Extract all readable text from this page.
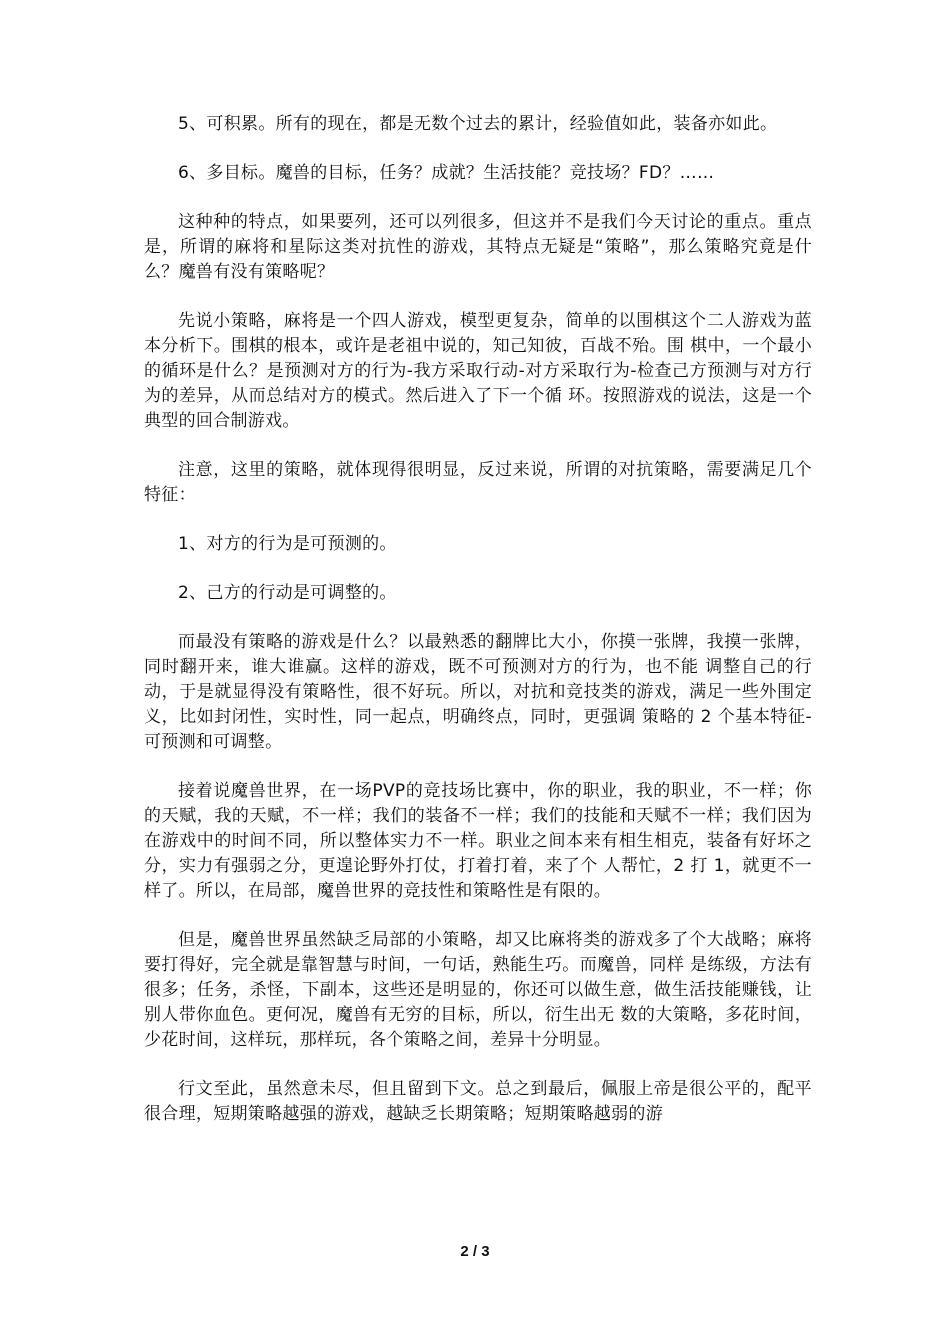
5、可积累。所有的现在，都是无数个过去的累计，经验值如此，装备亦如此。

6、多目标。魔兽的目标，任务？成就？生活技能？竞技场？FD？……

这种种的特点，如果要列，还可以列很多，但这并不是我们今天讨论的重点。重点是，所谓的麻将和星际这类对抗性的游戏，其特点无疑是“策略”，那么策略究竟是什么？魔兽有没有策略呢？

先说小策略，麻将是一个四人游戏，模型更复杂，简单的以围棋这个二人游戏为蓝本分析下。围棋的根本，或许是老祖中说的，知己知彼，百战不殆。围 棋中，一个最小的循环是什么？是预测对方的行为-我方采取行动-对方采取行为-检查己方预测与对方行为的差异，从而总结对方的模式。然后进入了下一个循 环。按照游戏的说法，这是一个典型的回合制游戏。

注意，这里的策略，就体现得很明显，反过来说，所谓的对抗策略，需要满足几个特征：

1、对方的行为是可预测的。

2、己方的行动是可调整的。

而最没有策略的游戏是什么？以最熟悉的翻牌比大小，你摸一张牌，我摸一张牌，同时翻开来，谁大谁赢。这样的游戏，既不可预测对方的行为，也不能 调整自己的行动，于是就显得没有策略性，很不好玩。所以，对抗和竞技类的游戏，满足一些外围定义，比如封闭性，实时性，同一起点，明确终点，同时，更强调 策略的 2 个基本特征-可预测和可调整。

接着说魔兽世界，在一场PVP的竞技场比赛中，你的职业，我的职业，不一样；你的天赋，我的天赋，不一样；我们的装备不一样；我们的技能和天赋不一样；我们因为在游戏中的时间不同，所以整体实力不一样。职业之间本来有相生相克，装备有好坏之分，实力有强弱之分，更遑论野外打仗，打着打着，来了个 人帮忙，2 打 1，就更不一样了。所以，在局部，魔兽世界的竞技性和策略性是有限的。

但是，魔兽世界虽然缺乏局部的小策略，却又比麻将类的游戏多了个大战略；麻将要打得好，完全就是靠智慧与时间，一句话，熟能生巧。而魔兽，同样 是练级，方法有很多；任务，杀怪，下副本，这些还是明显的，你还可以做生意，做生活技能赚钱，让别人带你血色。更何况，魔兽有无穷的目标，所以，衍生出无 数的大策略，多花时间，少花时间，这样玩，那样玩，各个策略之间，差异十分明显。

行文至此，虽然意未尽，但且留到下文。总之到最后，佩服上帝是很公平的，配平很合理，短期策略越强的游戏，越缺乏长期策略；短期策略越弱的游

2 / 3
